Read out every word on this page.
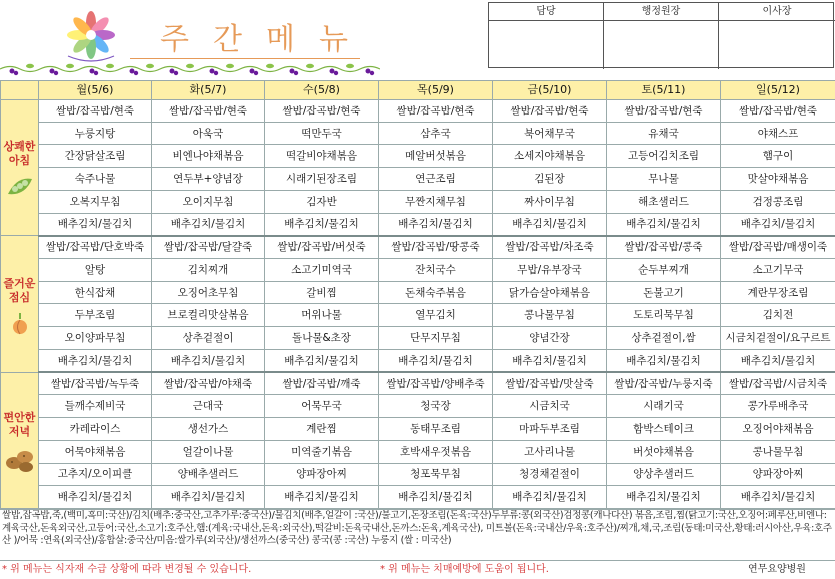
주 간 메 뉴
담당	행정원장	이사장
	월(5/6)	화(5/7)	수(5/8)	목(5/9)	금(5/10)	토(5/11)	일(5/12)

상쾌한 아침	쌀밥/잡곡밥/현죽	쌀밥/잡곡밥/현죽	쌀밥/잡곡밥/현죽	쌀밥/잡곡밥/현죽	쌀밥/잡곡밥/현죽	쌀밥/잡곡밥/현죽	쌀밥/잡곡밥/현죽
	누룽지탕	아욱국	떡만두국	삼추국	북어채무국	유채국	야채스프
	간장닭살조림	비엔나야채볶음	떡갈비야채볶음	메알버섯볶음	소세지야채볶음	고등어김치조림	햄구이
	숙주나물	연두부+양념장	시래기된장조림	연근조림	김된장	무나물	맛살야채볶음
	오복지무침	오이지무침	김자반	무짠지채무침	짜사이무침	해초샐러드	검정콩조림
	배추김치/물김치	배추김치/물김치	배추김치/물김치	배추김치/물김치	배추김치/물김치	배추김치/물김치	배추김치/물김치

즐거운 점심	쌀밥/잡곡밥/단호박죽	쌀밥/잡곡밥/달걀죽	쌀밥/잡곡밥/버섯죽	쌀밥/잡곡밥/땅콩죽	쌀밥/잡곡밥/차조죽	쌀밥/잡곡밥/콩죽	쌀밥/잡곡밥/매생이죽
	알탕	김치찌개	소고기미역국	잔치국수	무밥/유부장국	순두부찌개	소고기무국
	한식잡채	오징어초무침	갈비찜	돈채숙주볶음	닭가슴살야채볶음	돈불고기	계란무장조림
	두부조림	브로컬리맛살볶음	머위나물	열무김치	콩나물무침	도토리묵무침	김치전
	오이양파무침	상추겉절이	돌나물&초장	단무지무침	양념간장	상추겉절이,쌈	시금치겉절이/요구르트
	배추김치/물김치	배추김치/물김치	배추김치/물김치	배추김치/물김치	배추김치/물김치	배추김치/물김치	배추김치/물김치

편안한 저녁	쌀밥/잡곡밥/녹두죽	쌀밥/잡곡밥/야채죽	쌀밥/잡곡밥/깨죽	쌀밥/잡곡밥/양배추죽	쌀밥/잡곡밥/맛살죽	쌀밥/잡곡밥/누룽지죽	쌀밥/잡곡밥/시금치죽
	들깨수제비국	근대국	어묵무국	청국장	시금치국	시래기국	콩가루배추국
	카레라이스	생선가스	계란찜	동태무조림	마파두부조림	함박스테이크	오징어야채볶음
	어묵야채볶음	얼갈이나물	미역줄기볶음	호박새우젓볶음	고사리나물	버섯야채볶음	콩나물무침
	고추지/오이피클	양배추샐러드	양파장아찌	청포묵무침	청경채겉절이	양상추샐러드	양파장아찌
	배추김치/물김치	배추김치/물김치	배추김치/물김치	배추김치/물김치	배추김치/물김치	배추김치/물김치	배추김치/물김치
쌀밥,잡곡밥,죽,(백미,흑미:국산)/김치(배추:중국산,고추가루:중국산)/물김치(배추,얼갈이 :국산)/불고기,돈장조림(돈육:국산)두부류:콩(외국산)검정콩(캐나다산) 볶음,조림,찜(닭고기:국산,오징어:페루산,비엔나:계육국산,돈육외국산,고등어:국산,소고기:호주산,햄:(계육:국내산,돈육:외국산),떡갈비:돈육국내산,돈까스:돈육,계육국산), 미트볼(돈육:국내산/우육:호주산)/찌개,채,국,조림(동태:미국산,황태:러시아산,우육:호주산 )/어묵 :연육(외국산)/홍합살:중국산/미음:쌀가루(외국산)/생선까스(중국산) 콩국(콩 :국산) 누룽지 (쌀 : 미국산)
* 위 메뉴는 식자재 수급 상황에 따라 변경될 수 있습니다.	* 위 메뉴는 치매예방에 도움이 됩니다.	연무요양병원
